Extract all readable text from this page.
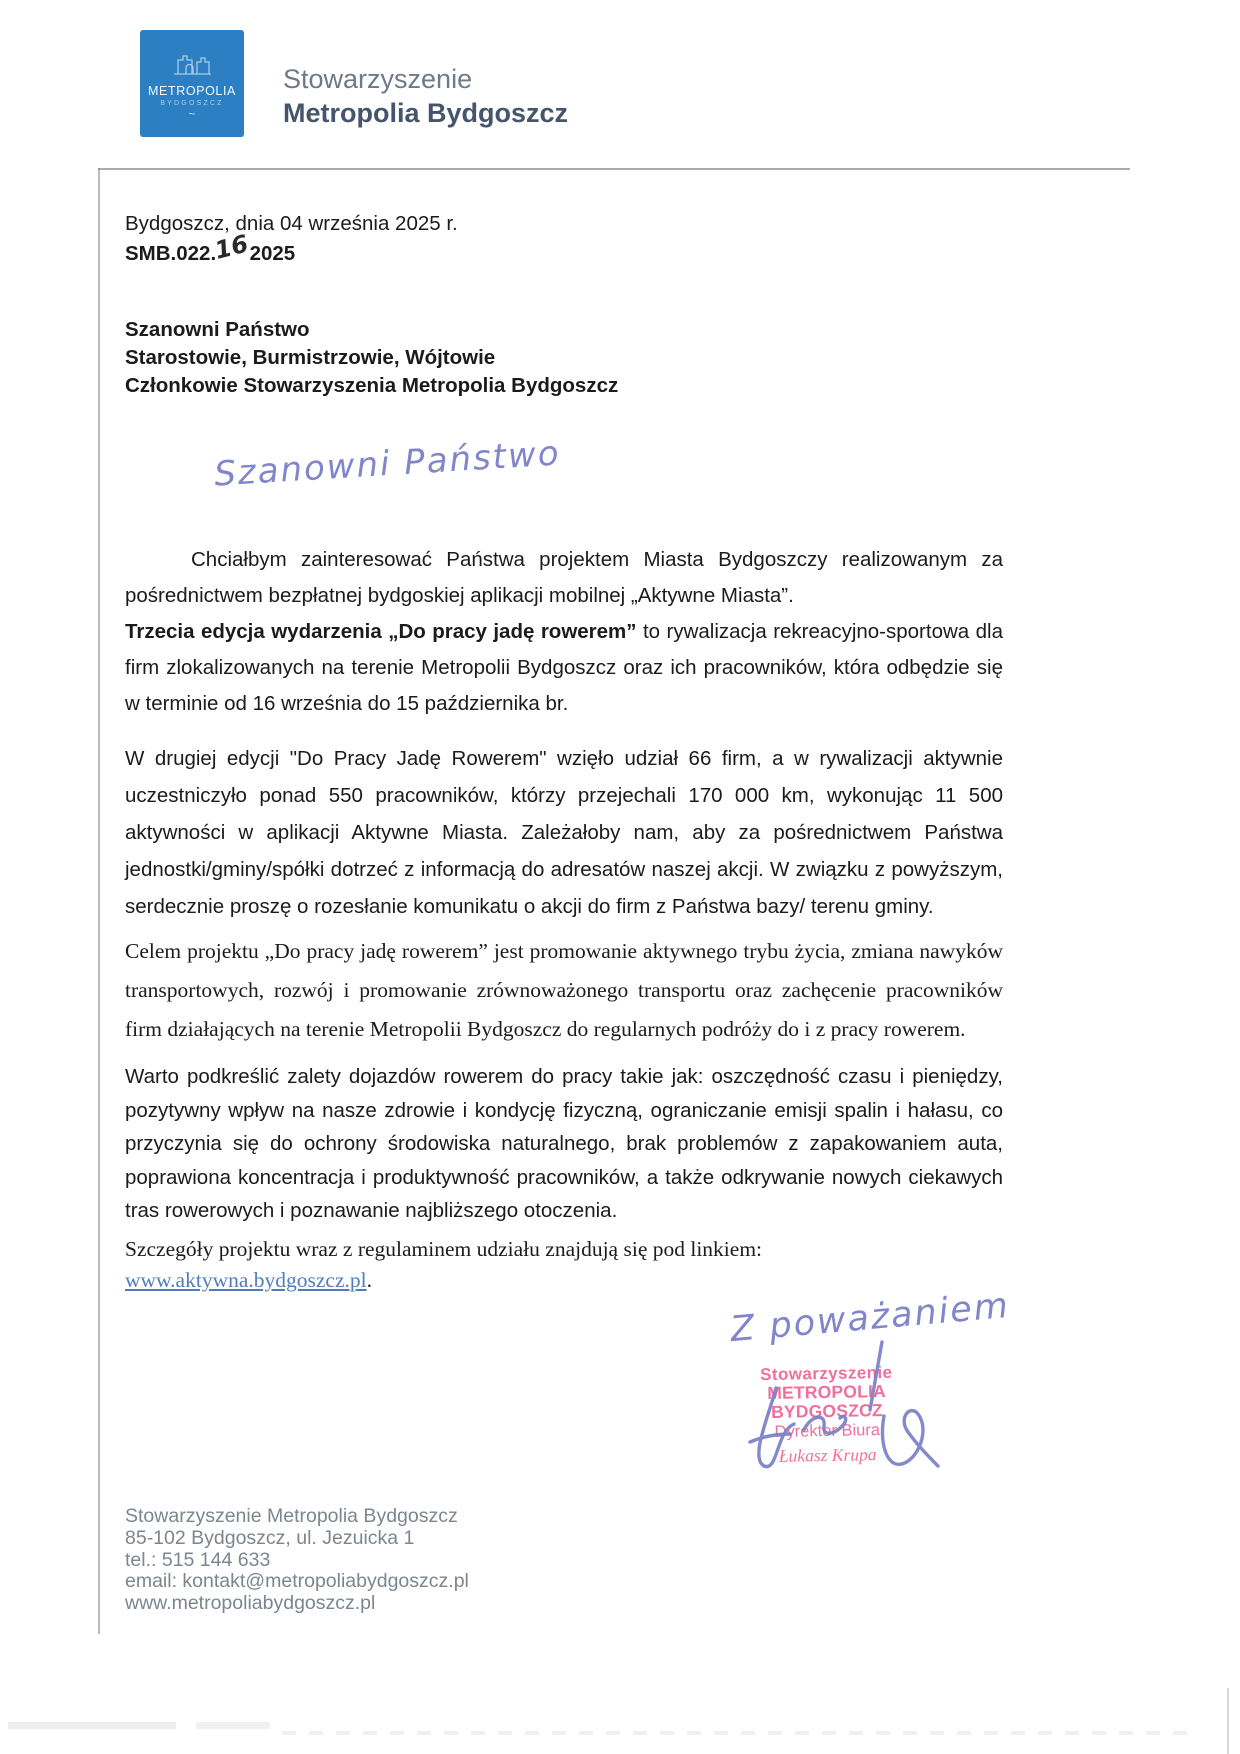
METROPOLIA
BYDGOSZCZ
~
Stowarzyszenie
Metropolia Bydgoszcz
Bydgoszcz, dnia 04 września 2025 r.
SMB.022.162025
Szanowni Państwo
Starostowie, Burmistrzowie, Wójtowie
Członkowie Stowarzyszenia Metropolia Bydgoszcz
Szanowni Państwo

Chciałbym zainteresować Państwa projektem Miasta Bydgoszczy realizowanym za pośrednictwem bezpłatnej bydgoskiej aplikacji mobilnej „Aktywne Miasta”.
Trzecia edycja wydarzenia „Do pracy jadę rowerem” to rywalizacja rekreacyjno-sportowa dla firm zlokalizowanych na terenie Metropolii Bydgoszcz oraz ich pracowników, która odbędzie się w terminie od 16 września do 15 października br.

W drugiej edycji "Do Pracy Jadę Rowerem" wzięło udział 66 firm, a w rywalizacji aktywnie uczestniczyło ponad 550 pracowników, którzy przejechali 170 000 km, wykonując 11 500 aktywności w aplikacji Aktywne Miasta. Zależałoby nam, aby za pośrednictwem Państwa jednostki/gminy/spółki dotrzeć z informacją do adresatów naszej akcji. W związku z powyższym, serdecznie proszę o rozesłanie komunikatu o akcji do firm z Państwa bazy/ terenu gminy.

Celem projektu „Do pracy jadę rowerem” jest promowanie aktywnego trybu życia, zmiana nawyków transportowych, rozwój i promowanie zrównoważonego transportu oraz zachęcenie pracowników firm działających na terenie Metropolii Bydgoszcz do regularnych podróży do i z pracy rowerem.

Warto podkreślić zalety dojazdów rowerem do pracy takie jak: oszczędność czasu i pieniędzy, pozytywny wpływ na nasze zdrowie i kondycję fizyczną, ograniczanie emisji spalin i hałasu, co przyczynia się do ochrony środowiska naturalnego, brak problemów z zapakowaniem auta, poprawiona koncentracja i produktywność pracowników, a także odkrywanie nowych ciekawych tras rowerowych i poznawanie najbliższego otoczenia.

Szczegóły projektu wraz z regulaminem udziału znajdują się pod linkiem:
www.aktywna.bydgoszcz.pl.

Z poważaniem
Stowarzyszenie
METROPOLIA BYDGOSZCZ
Dyrektor Biura
Łukasz Krupa
Stowarzyszenie Metropolia Bydgoszcz
85-102 Bydgoszcz, ul. Jezuicka 1
tel.: 515 144 633
email: kontakt@metropoliabydgoszcz.pl
www.metropoliabydgoszcz.pl
